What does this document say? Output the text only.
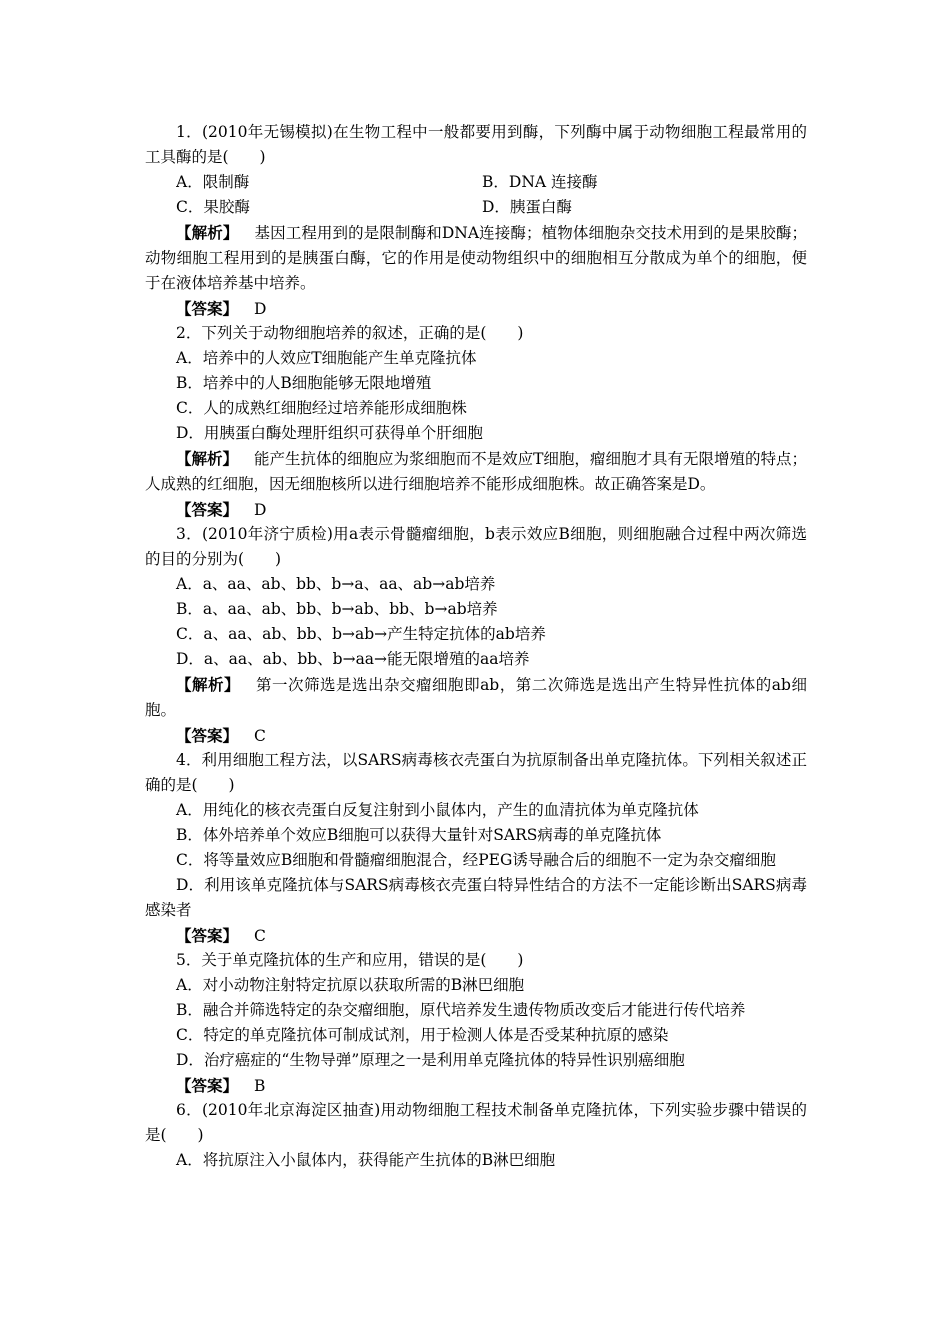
1．(2010年无锡模拟)在生物工程中一般都要用到酶，下列酶中属于动物细胞工程最常用的工具酶的是(　　)
A．限制酶	B．DNA 连接酶
C．果胶酶	D．胰蛋白酶
【解析】 基因工程用到的是限制酶和DNA连接酶；植物体细胞杂交技术用到的是果胶酶；动物细胞工程用到的是胰蛋白酶，它的作用是使动物组织中的细胞相互分散成为单个的细胞，便于在液体培养基中培养。
【答案】 D
2．下列关于动物细胞培养的叙述，正确的是(　　)
A．培养中的人效应T细胞能产生单克隆抗体
B．培养中的人B细胞能够无限地增殖
C．人的成熟红细胞经过培养能形成细胞株
D．用胰蛋白酶处理肝组织可获得单个肝细胞
【解析】 能产生抗体的细胞应为浆细胞而不是效应T细胞，瘤细胞才具有无限增殖的特点；人成熟的红细胞，因无细胞核所以进行细胞培养不能形成细胞株。故正确答案是D。
【答案】 D
3．(2010年济宁质检)用a表示骨髓瘤细胞，b表示效应B细胞，则细胞融合过程中两次筛选的目的分别为(　　)
A．a、aa、ab、bb、b→a、aa、ab→ab培养
B．a、aa、ab、bb、b→ab、bb、b→ab培养
C．a、aa、ab、bb、b→ab→产生特定抗体的ab培养
D．a、aa、ab、bb、b→aa→能无限增殖的aa培养
【解析】 第一次筛选是选出杂交瘤细胞即ab，第二次筛选是选出产生特异性抗体的ab细胞。
【答案】 C
4．利用细胞工程方法，以SARS病毒核衣壳蛋白为抗原制备出单克隆抗体。下列相关叙述正确的是(　　)
A．用纯化的核衣壳蛋白反复注射到小鼠体内，产生的血清抗体为单克隆抗体
B．体外培养单个效应B细胞可以获得大量针对SARS病毒的单克隆抗体
C．将等量效应B细胞和骨髓瘤细胞混合，经PEG诱导融合后的细胞不一定为杂交瘤细胞
D．利用该单克隆抗体与SARS病毒核衣壳蛋白特异性结合的方法不一定能诊断出SARS病毒感染者
【答案】 C
5．关于单克隆抗体的生产和应用，错误的是(　　)
A．对小动物注射特定抗原以获取所需的B淋巴细胞
B．融合并筛选特定的杂交瘤细胞，原代培养发生遗传物质改变后才能进行传代培养
C．特定的单克隆抗体可制成试剂，用于检测人体是否受某种抗原的感染
D．治疗癌症的“生物导弹”原理之一是利用单克隆抗体的特异性识别癌细胞
【答案】 B
6．(2010年北京海淀区抽查)用动物细胞工程技术制备单克隆抗体，下列实验步骤中错误的是(　　)
A．将抗原注入小鼠体内，获得能产生抗体的B淋巴细胞
